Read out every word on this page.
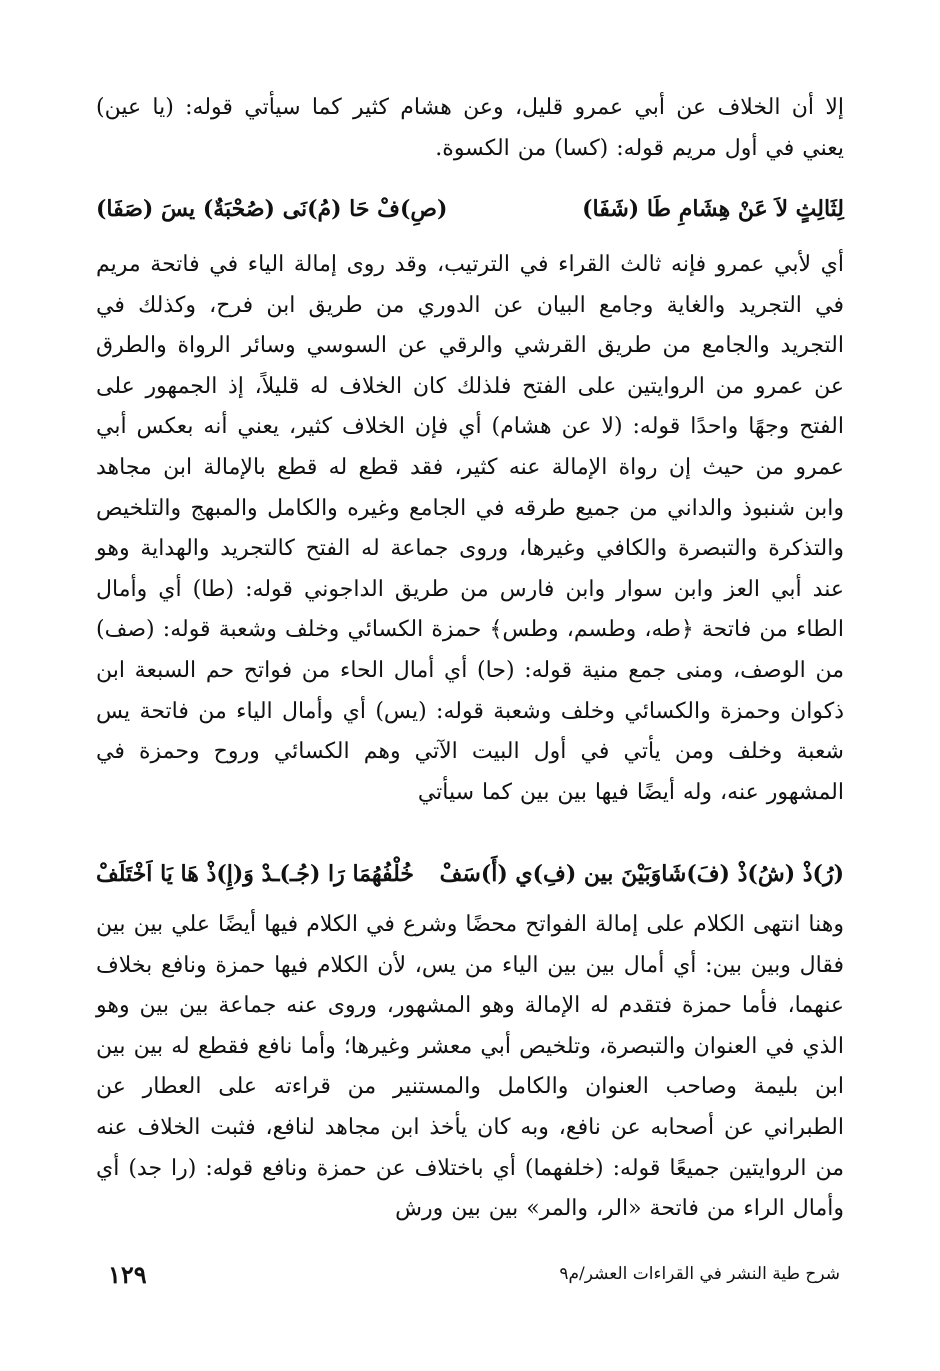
إلا أن الخلاف عن أبي عمرو قليل، وعن هشام كثير كما سيأتي قوله: (يا عين) يعني في أول مريم قوله: (كسا) من الكسوة.
لِثَالِثٍ لاَ عَنْ هِشَامِ طَا (شَفَا)
(صِ)فْ حَا (مُ)نَى (صُحْبَةٌ) يسَ (صَفَا)
أي لأبي عمرو فإنه ثالث القراء في الترتيب، وقد روى إمالة الياء في فاتحة مريم في التجريد والغاية وجامع البيان عن الدوري من طريق ابن فرح، وكذلك في التجريد والجامع من طريق القرشي والرقي عن السوسي وسائر الرواة والطرق عن عمرو من الروايتين على الفتح فلذلك كان الخلاف له قليلاً، إذ الجمهور على الفتح وجهًا واحدًا قوله: (لا عن هشام) أي فإن الخلاف كثير، يعني أنه بعكس أبي عمرو من حيث إن رواة الإمالة عنه كثير، فقد قطع له قطع بالإمالة ابن مجاهد وابن شنبوذ والداني من جميع طرقه في الجامع وغيره والكامل والمبهج والتلخيص والتذكرة والتبصرة والكافي وغيرها، وروى جماعة له الفتح كالتجريد والهداية وهو عند أبي العز وابن سوار وابن فارس من طريق الداجوني قوله: (طا) أي وأمال الطاء من فاتحة ﴿طه، وطسم، وطس﴾ حمزة الكسائي وخلف وشعبة قوله: (صف) من الوصف، ومنى جمع منية قوله: (حا) أي أمال الحاء من فواتح حم السبعة ابن ذكوان وحمزة والكسائي وخلف وشعبة قوله: (يس) أي وأمال الياء من فاتحة يس شعبة وخلف ومن يأتي في أول البيت الآتي وهم الكسائي وروح وحمزة في المشهور عنه، وله أيضًا فيها بين بين كما سيأتي
(رُ)ذْ (شُ)ذْ (فَ)شَاوَبَيْنَ بين (فِ)ي (أَ)سَفْ
خُلْفُهُمَا رَا (جُـ)ـدْ وَ(إِ)ذْ هَا يَا اَخْتَلَفْ
وهنا انتهى الكلام على إمالة الفواتح محضًا وشرع في الكلام فيها أيضًا علي بين بين فقال وبين بين: أي أمال بين بين الياء من يس، لأن الكلام فيها حمزة ونافع بخلاف عنهما، فأما حمزة فتقدم له الإمالة وهو المشهور، وروى عنه جماعة بين بين وهو الذي في العنوان والتبصرة، وتلخيص أبي معشر وغيرها؛ وأما نافع فقطع له بين بين ابن بليمة وصاحب العنوان والكامل والمستنير من قراءته على العطار عن الطبراني عن أصحابه عن نافع، وبه كان يأخذ ابن مجاهد لنافع، فثبت الخلاف عنه من الروايتين جميعًا قوله: (خلفهما) أي باختلاف عن حمزة ونافع قوله: (را جد) أي وأمال الراء من فاتحة «الر، والمر» بين بين ورش
شرح طية النشر في القراءات العشر/م٩
١٢٩
